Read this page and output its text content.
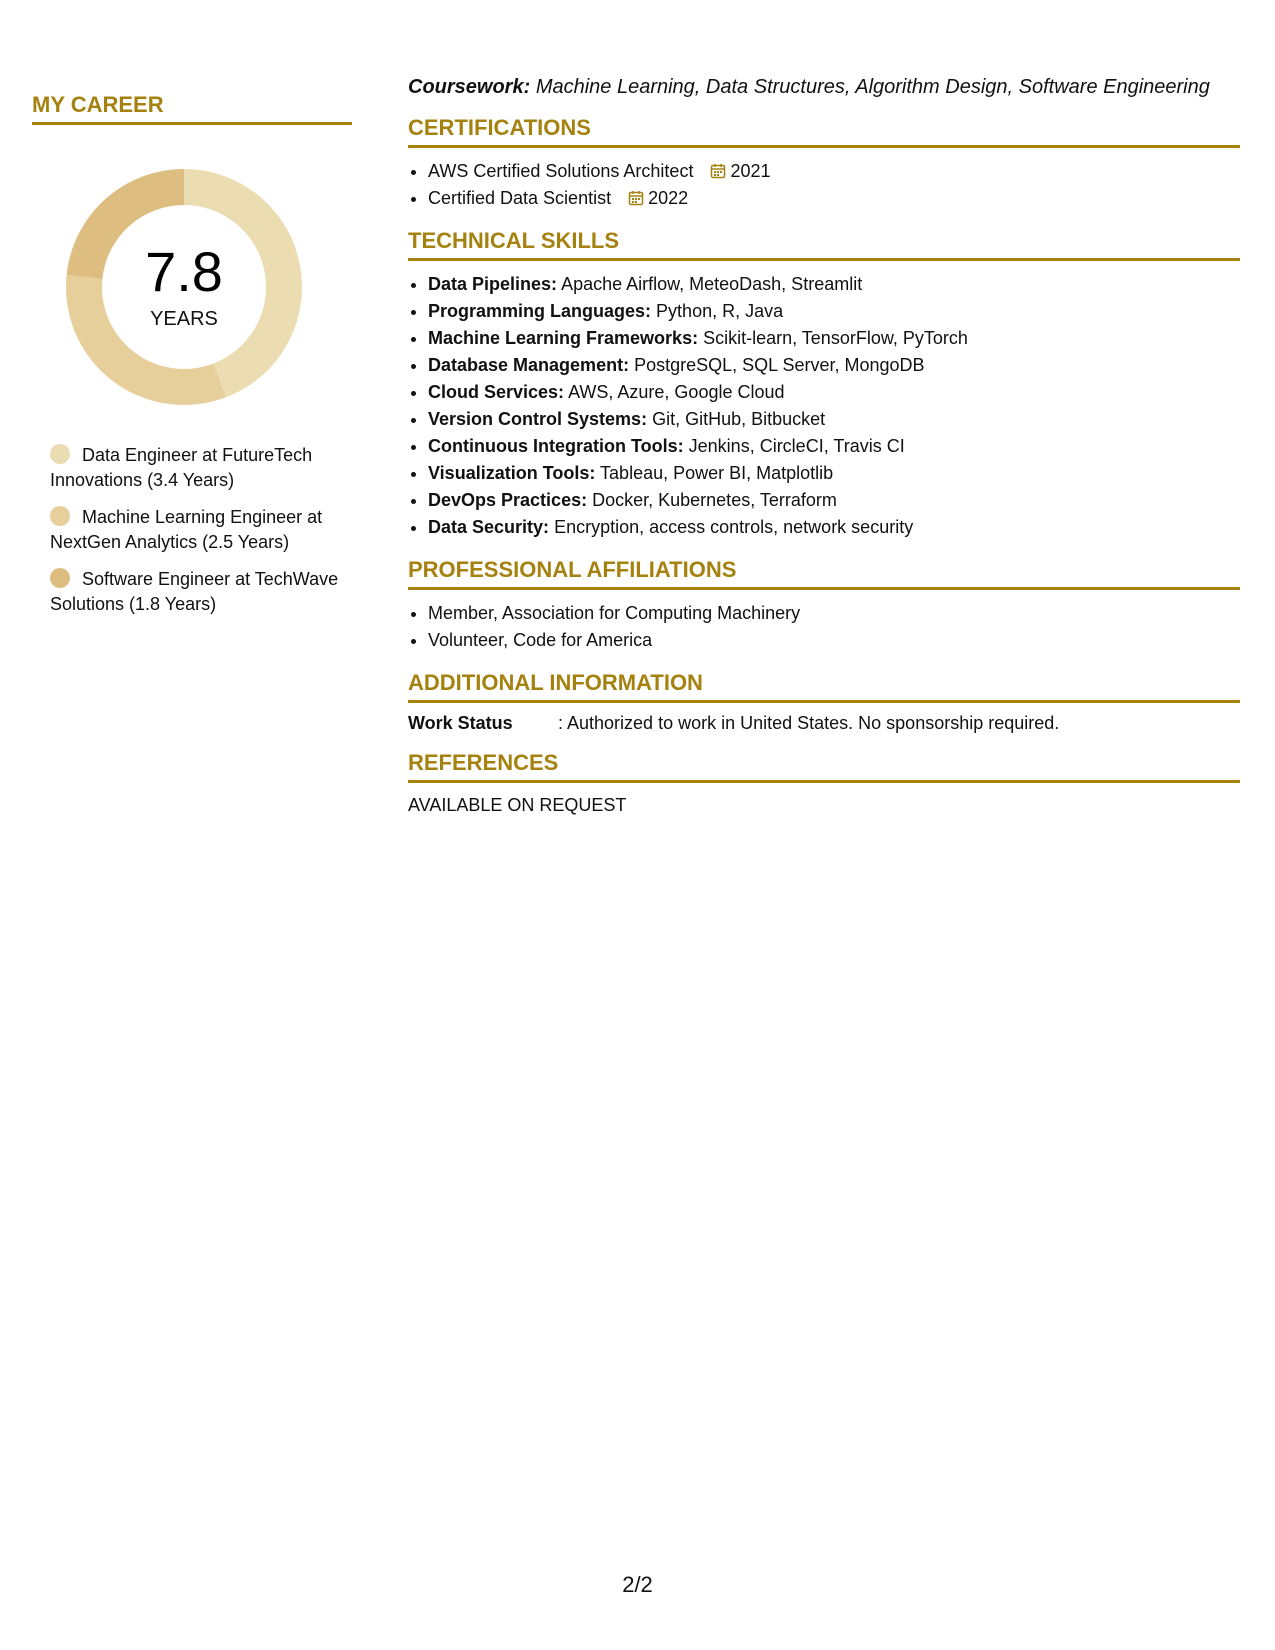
MY CAREER
7.8
YEARS
Data Engineer at FutureTech Innovations (3.4 Years)
Machine Learning Engineer at NextGen Analytics (2.5 Years)
Software Engineer at TechWave Solutions (1.8 Years)

Coursework: Machine Learning, Data Structures, Algorithm Design, Software Engineering

CERTIFICATIONS
• AWS Certified Solutions Architect 2021
• Certified Data Scientist 2022
TECHNICAL SKILLS
• Data Pipelines: Apache Airflow, MeteoDash, Streamlit
• Programming Languages: Python, R, Java
• Machine Learning Frameworks: Scikit-learn, TensorFlow, PyTorch
• Database Management: PostgreSQL, SQL Server, MongoDB
• Cloud Services: AWS, Azure, Google Cloud
• Version Control Systems: Git, GitHub, Bitbucket
• Continuous Integration Tools: Jenkins, CircleCI, Travis CI
• Visualization Tools: Tableau, Power BI, Matplotlib
• DevOps Practices: Docker, Kubernetes, Terraform
• Data Security: Encryption, access controls, network security
PROFESSIONAL AFFILIATIONS
• Member, Association for Computing Machinery
• Volunteer, Code for America
ADDITIONAL INFORMATION
Work Status	: Authorized to work in United States. No sponsorship required.
REFERENCES
AVAILABLE ON REQUEST
2/2
